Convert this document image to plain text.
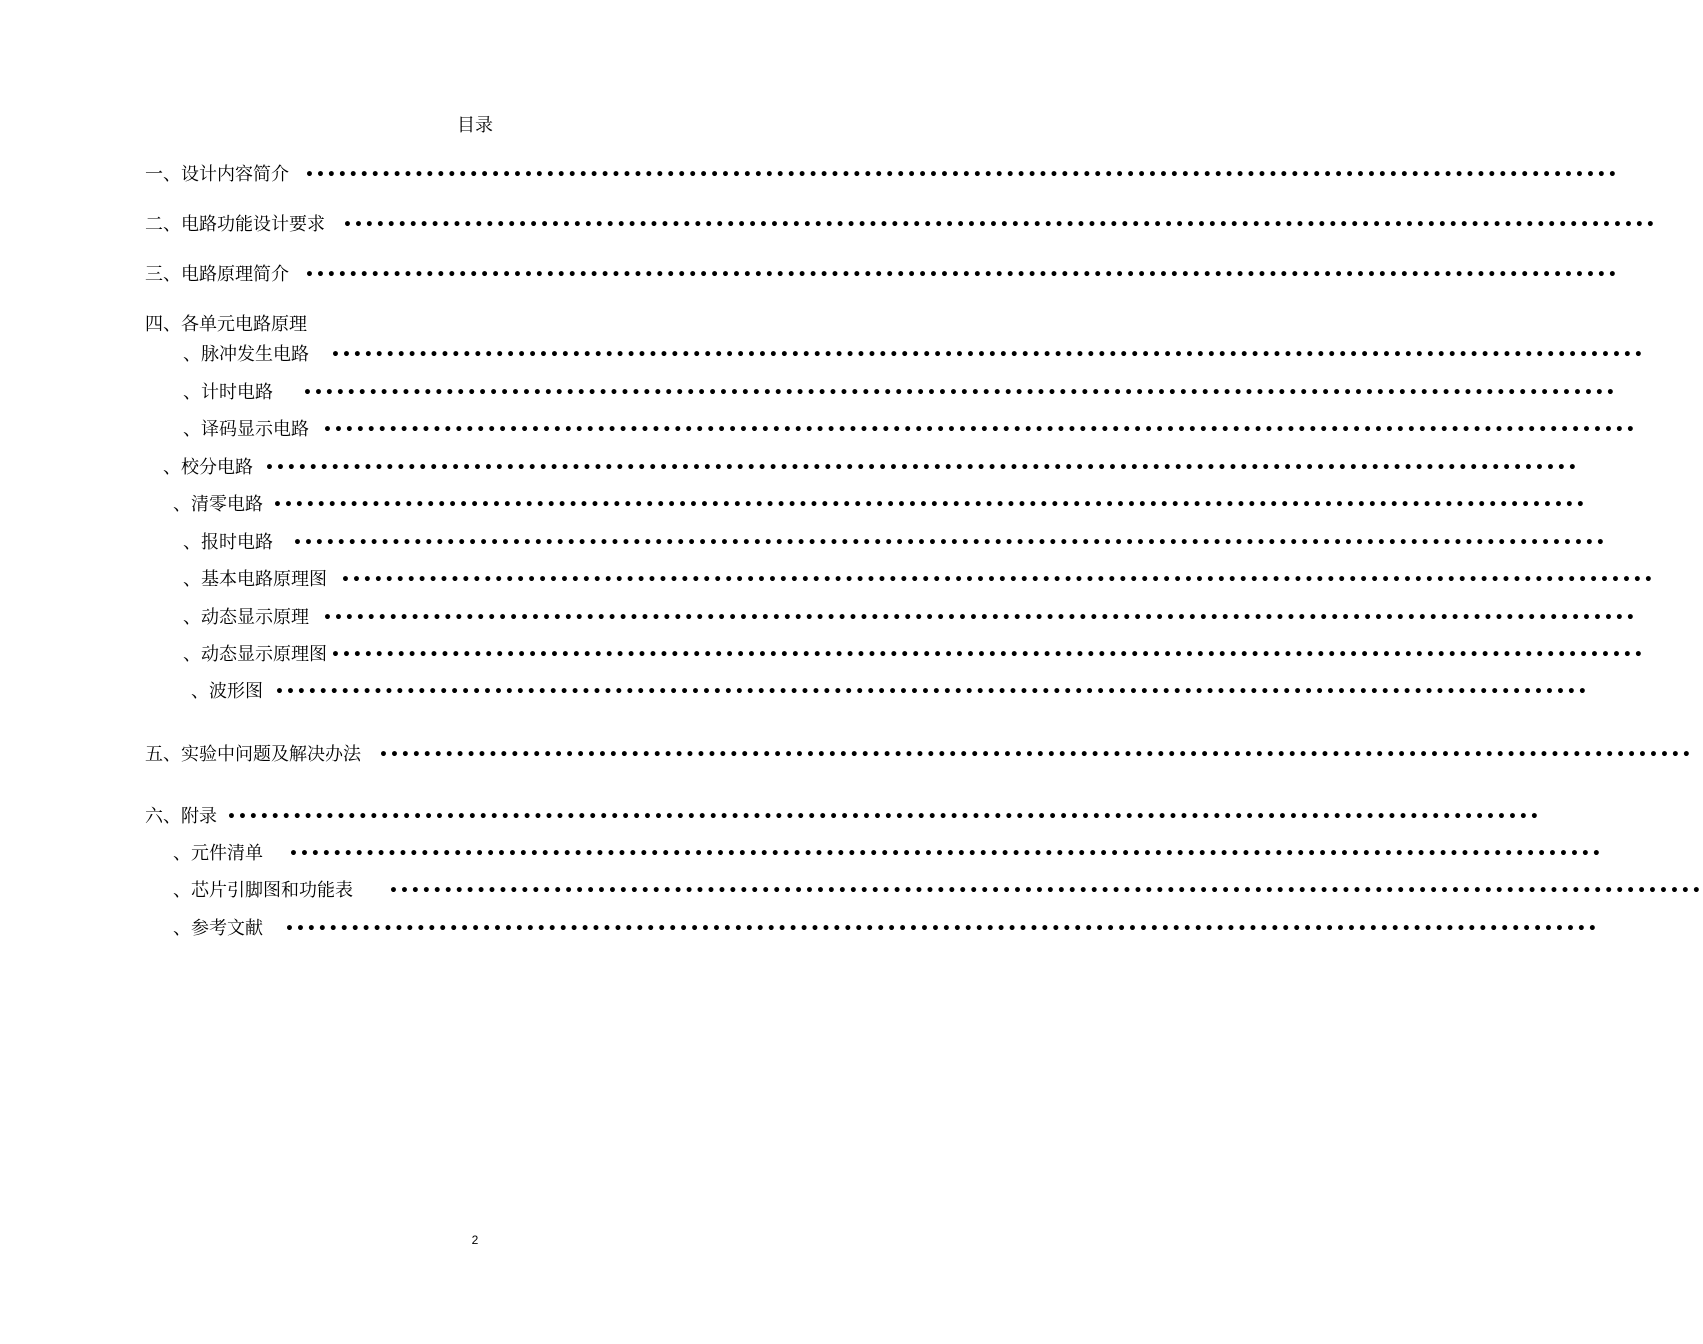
目录
一、设计内容简介 ••••••••••••••••••••••••••••••••••••••••••••••••••••••••••••••••••••••••••••••••••••••••••••••••••••••••••••••••••••••••
二、电路功能设计要求 ••••••••••••••••••••••••••••••••••••••••••••••••••••••••••••••••••••••••••••••••••••••••••••••••••••••••••••••••••••••••
三、电路原理简介 ••••••••••••••••••••••••••••••••••••••••••••••••••••••••••••••••••••••••••••••••••••••••••••••••••••••••••••••••••••••••
四、各单元电路原理
、脉冲发生电路 ••••••••••••••••••••••••••••••••••••••••••••••••••••••••••••••••••••••••••••••••••••••••••••••••••••••••••••••••••••••••
、计时电路 ••••••••••••••••••••••••••••••••••••••••••••••••••••••••••••••••••••••••••••••••••••••••••••••••••••••••••••••••••••••••
、译码显示电路 ••••••••••••••••••••••••••••••••••••••••••••••••••••••••••••••••••••••••••••••••••••••••••••••••••••••••••••••••••••••••
、校分电路 ••••••••••••••••••••••••••••••••••••••••••••••••••••••••••••••••••••••••••••••••••••••••••••••••••••••••••••••••••••••••
、清零电路 ••••••••••••••••••••••••••••••••••••••••••••••••••••••••••••••••••••••••••••••••••••••••••••••••••••••••••••••••••••••••
、报时电路 ••••••••••••••••••••••••••••••••••••••••••••••••••••••••••••••••••••••••••••••••••••••••••••••••••••••••••••••••••••••••
、基本电路原理图 ••••••••••••••••••••••••••••••••••••••••••••••••••••••••••••••••••••••••••••••••••••••••••••••••••••••••••••••••••••••••
、动态显示原理 ••••••••••••••••••••••••••••••••••••••••••••••••••••••••••••••••••••••••••••••••••••••••••••••••••••••••••••••••••••••••
、动态显示原理图 ••••••••••••••••••••••••••••••••••••••••••••••••••••••••••••••••••••••••••••••••••••••••••••••••••••••••••••••••••••••••
、波形图 ••••••••••••••••••••••••••••••••••••••••••••••••••••••••••••••••••••••••••••••••••••••••••••••••••••••••••••••••••••••••
五、实验中问题及解决办法 ••••••••••••••••••••••••••••••••••••••••••••••••••••••••••••••••••••••••••••••••••••••••••••••••••••••••••••••••••••••••
六、附录 ••••••••••••••••••••••••••••••••••••••••••••••••••••••••••••••••••••••••••••••••••••••••••••••••••••••••••••••••••••••••
、元件清单 ••••••••••••••••••••••••••••••••••••••••••••••••••••••••••••••••••••••••••••••••••••••••••••••••••••••••••••••••••••••••
、芯片引脚图和功能表	••••••••••••••••••••••••••••••••••••••••••••••••••••••••••••••••••••••••••••••••••••••••••••••••••••••••••••••••••••••••
、参考文献 ••••••••••••••••••••••••••••••••••••••••••••••••••••••••••••••••••••••••••••••••••••••••••••••••••••••••••••••••••••••••
2
